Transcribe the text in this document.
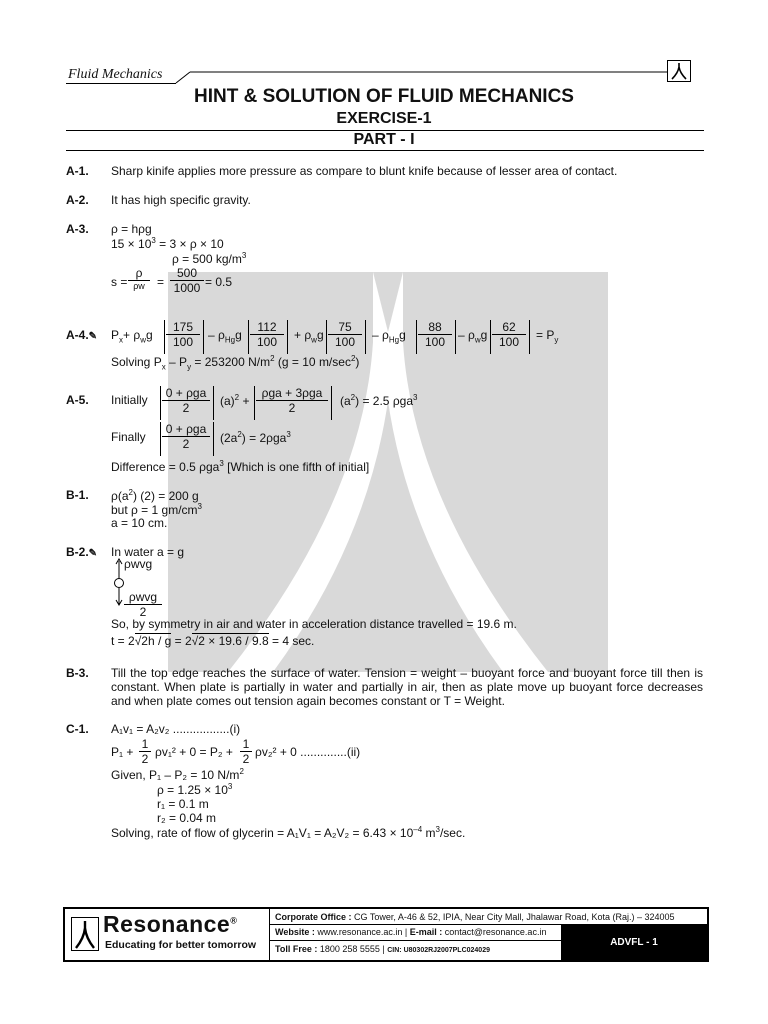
Fluid Mechanics
HINT & SOLUTION OF FLUID MECHANICS
EXERCISE-1
PART - I
A-1. Sharp kinife applies more pressure as compare to blunt knife because of lesser area of contact.
A-2. It has high specific gravity.
A-3. ρ = hρg
$15 \times 10^3 = 3 \times \rho \times 10$
ρ = 500 $kg/m^3$
s =
ρ
ρw	= $\frac{500}{1000} = 0.5$
A-4.✎ $P_x+ \rho_wg \frac{175}{100} - \rho_{Hg}g \frac{112}{100} + \rho_wg \frac{75}{100} - \rho_{Hg}g \frac{88}{100} - \rho_wg \frac{62}{100} = P_y$
Solving $P_x - P_y = 253200$ $N/m^2$ (g = 10 $m/\sec^2$)
A-5. Initially	0 + ρga
2	$(a)^2$ +
ρga + 3ρga
2	$(a^2) = 2.5$ ρga$^3$
Finally
0 + ρga
2	$(2a^2) = 2\rho ga^3$
Difference = 0.5 ρga$^3$ [Which is one fifth of initial]
B-1. $\rho(a^2) (2) = 200$ g
but ρ = 1 $gm/cm^3$
a = 10 cm.
B-2.✎ In water a = g
ρwvg
ρwvg
2
So, by symmetry in air and water in acceleration distance travelled = 19.6 m.
t = 2√2h / g = 2√2 × 19.6 / 9.8 = 4 sec.
B-3. Till the top edge reaches the surface of water. Tension = weight – buoyant force and buoyant force till then is constant. When plate is partially in water and partially in air, then as plate move up buoyant force decreases and when plate comes out tension again becomes constant or T = Weight.
C-1. A₁v₁ = A₂v₂ .................(i)
$P_1 + \frac{1}{2} \rho v_1^2 + 0 = P_2 + \frac{1}{2} \rho v_2^2 + 0$ ..............(ii)
Given, P₁ – P₂ = 10 $N/m^2$
$\rho = 1.25 \times 10^3$
r₁ = 0.1 m
r₂ = 0.04 m
Solving, rate of flow of glycerin = $A_1V_1 = A_2V_2 = 6.43 \times 10^{-4}$ $m^3/\sec$.
Resonance®
Educating for better tomorrow
Corporate Office : CG Tower, A-46 & 52, IPIA, Near City Mall, Jhalawar Road, Kota (Raj.) – 324005
Website : www.resonance.ac.in | E-mail : contact@resonance.ac.in
Toll Free : 1800 258 5555 | CIN: U80302RJ2007PLC024029
ADVFL - 1
